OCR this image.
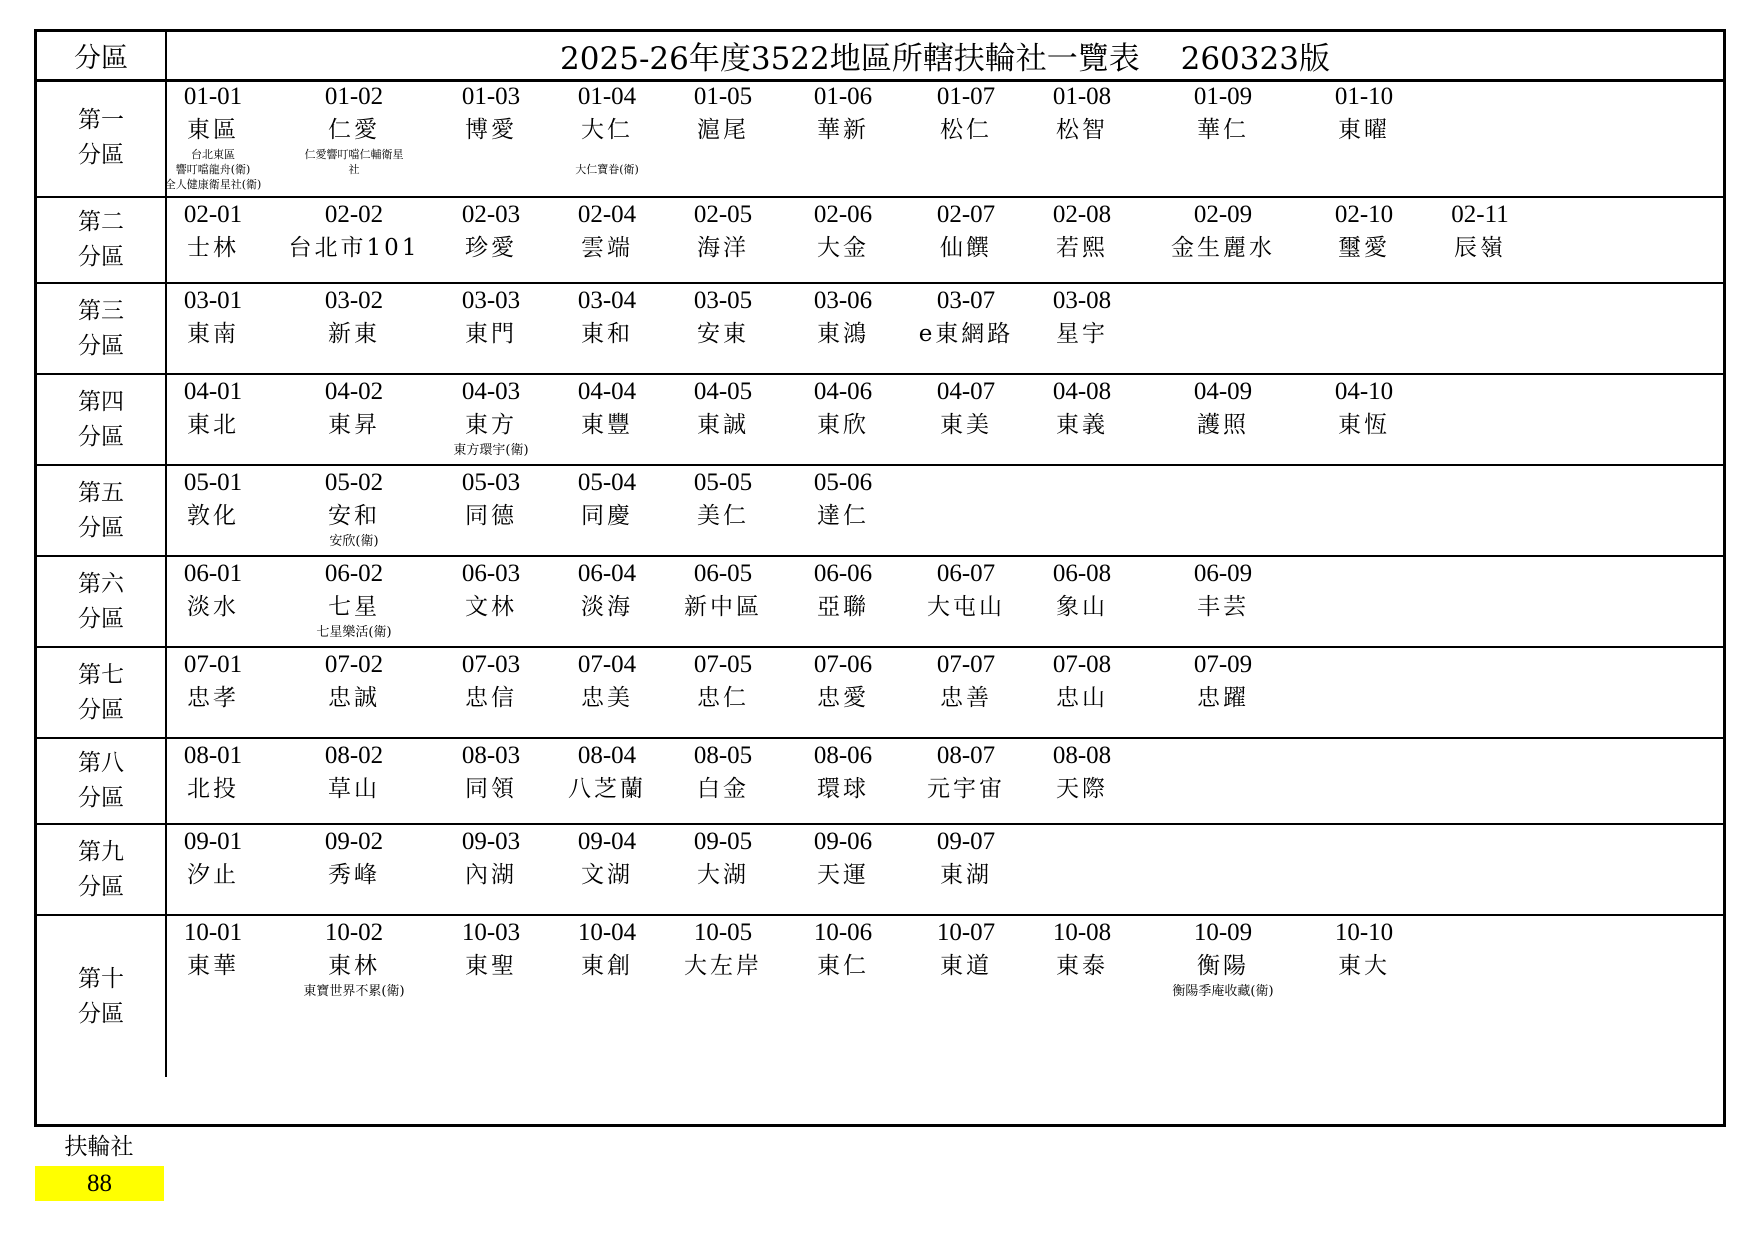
分區	2025-26年度3522地區所轄扶輪社一覽表　 260323版
第一
分區
01-01
東區
台北東區
響叮噹龍舟(衛)
全人健康衛星社(衛)
01-02
仁愛
仁愛響叮噹仁輔衛星
社
01-03
博愛
01-04
大仁

大仁寶眷(衛)
01-05
滬尾
01-06
華新
01-07
松仁
01-08
松智
01-09
華仁
01-10
東曜
第二
分區
02-01
士林
02-02
台北市101
02-03
珍愛
02-04
雲端
02-05
海洋
02-06
大金
02-07
仙饌
02-08
若熙
02-09
金生麗水
02-10
璽愛
02-11
辰嶺
第三
分區
03-01
東南
03-02
新東
03-03
東門
03-04
東和
03-05
安東
03-06
東鴻
03-07
e東網路
03-08
星宇
第四
分區
04-01
東北
04-02
東昇
04-03
東方
東方環宇(衛)
04-04
東豐
04-05
東誠
04-06
東欣
04-07
東美
04-08
東義
04-09
護照
04-10
東恆
第五
分區
05-01
敦化
05-02
安和
安欣(衛)
05-03
同德
05-04
同慶
05-05
美仁
05-06
達仁
第六
分區
06-01
淡水
06-02
七星
七星樂活(衛)
06-03
文林
06-04
淡海
06-05
新中區
06-06
亞聯
06-07
大屯山
06-08
象山
06-09
丰芸
第七
分區
07-01
忠孝
07-02
忠誠
07-03
忠信
07-04
忠美
07-05
忠仁
07-06
忠愛
07-07
忠善
07-08
忠山
07-09
忠躍
第八
分區
08-01
北投
08-02
草山
08-03
同領
08-04
八芝蘭
08-05
白金
08-06
環球
08-07
元宇宙
08-08
天際
第九
分區
09-01
汐止
09-02
秀峰
09-03
內湖
09-04
文湖
09-05
大湖
09-06
天運
09-07
東湖
第十
分區
10-01
東華
10-02
東林
東寶世界不累(衛)
10-03
東聖
10-04
東創
10-05
大左岸
10-06
東仁
10-07
東道
10-08
東泰
10-09
衡陽
衡陽季庵收藏(衛)
10-10
東大
扶輪社
88
